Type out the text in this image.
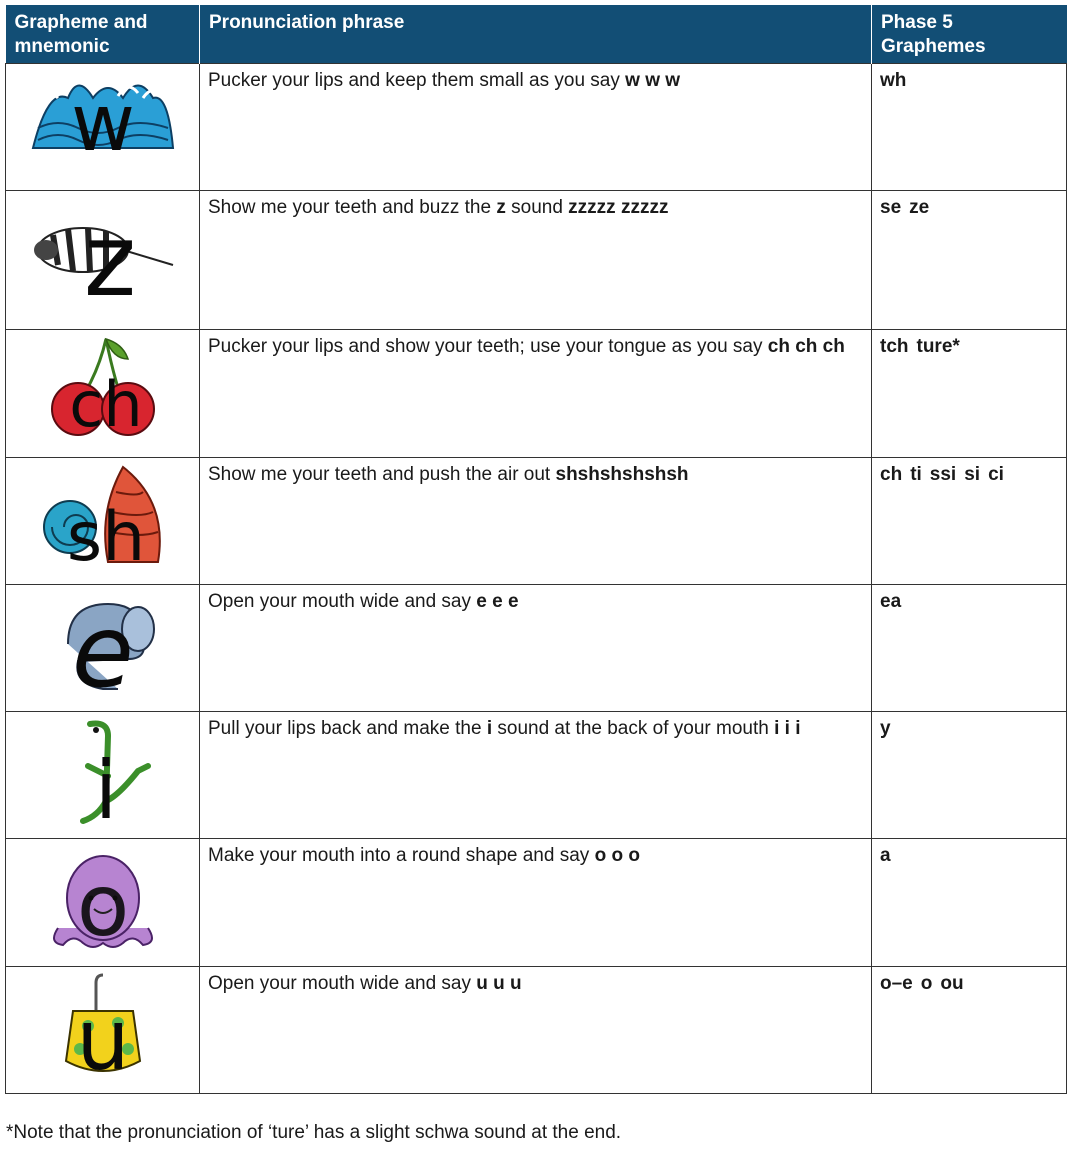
Grapheme and mnemonic	Pronunciation phrase	Phase 5 Graphemes

w	Pucker your lips and keep them small as you say w w w	wh

z	Show me your teeth and buzz the z sound zzzzz zzzzz	se ze

ch	Pucker your lips and show your teeth; use your tongue as you say ch ch ch	tch ture*

sh	Show me your teeth and push the air out shshshshshsh	ch ti ssi si ci

e	Open your mouth wide and say e e e	ea

i	Pull your lips back and make the i sound at the back of your mouth i i i	y

o	Make your mouth into a round shape and say o o o	a

u	Open your mouth wide and say u u u	o–e o ou
*Note that the pronunciation of ‘ture’ has a slight schwa sound at the end.
